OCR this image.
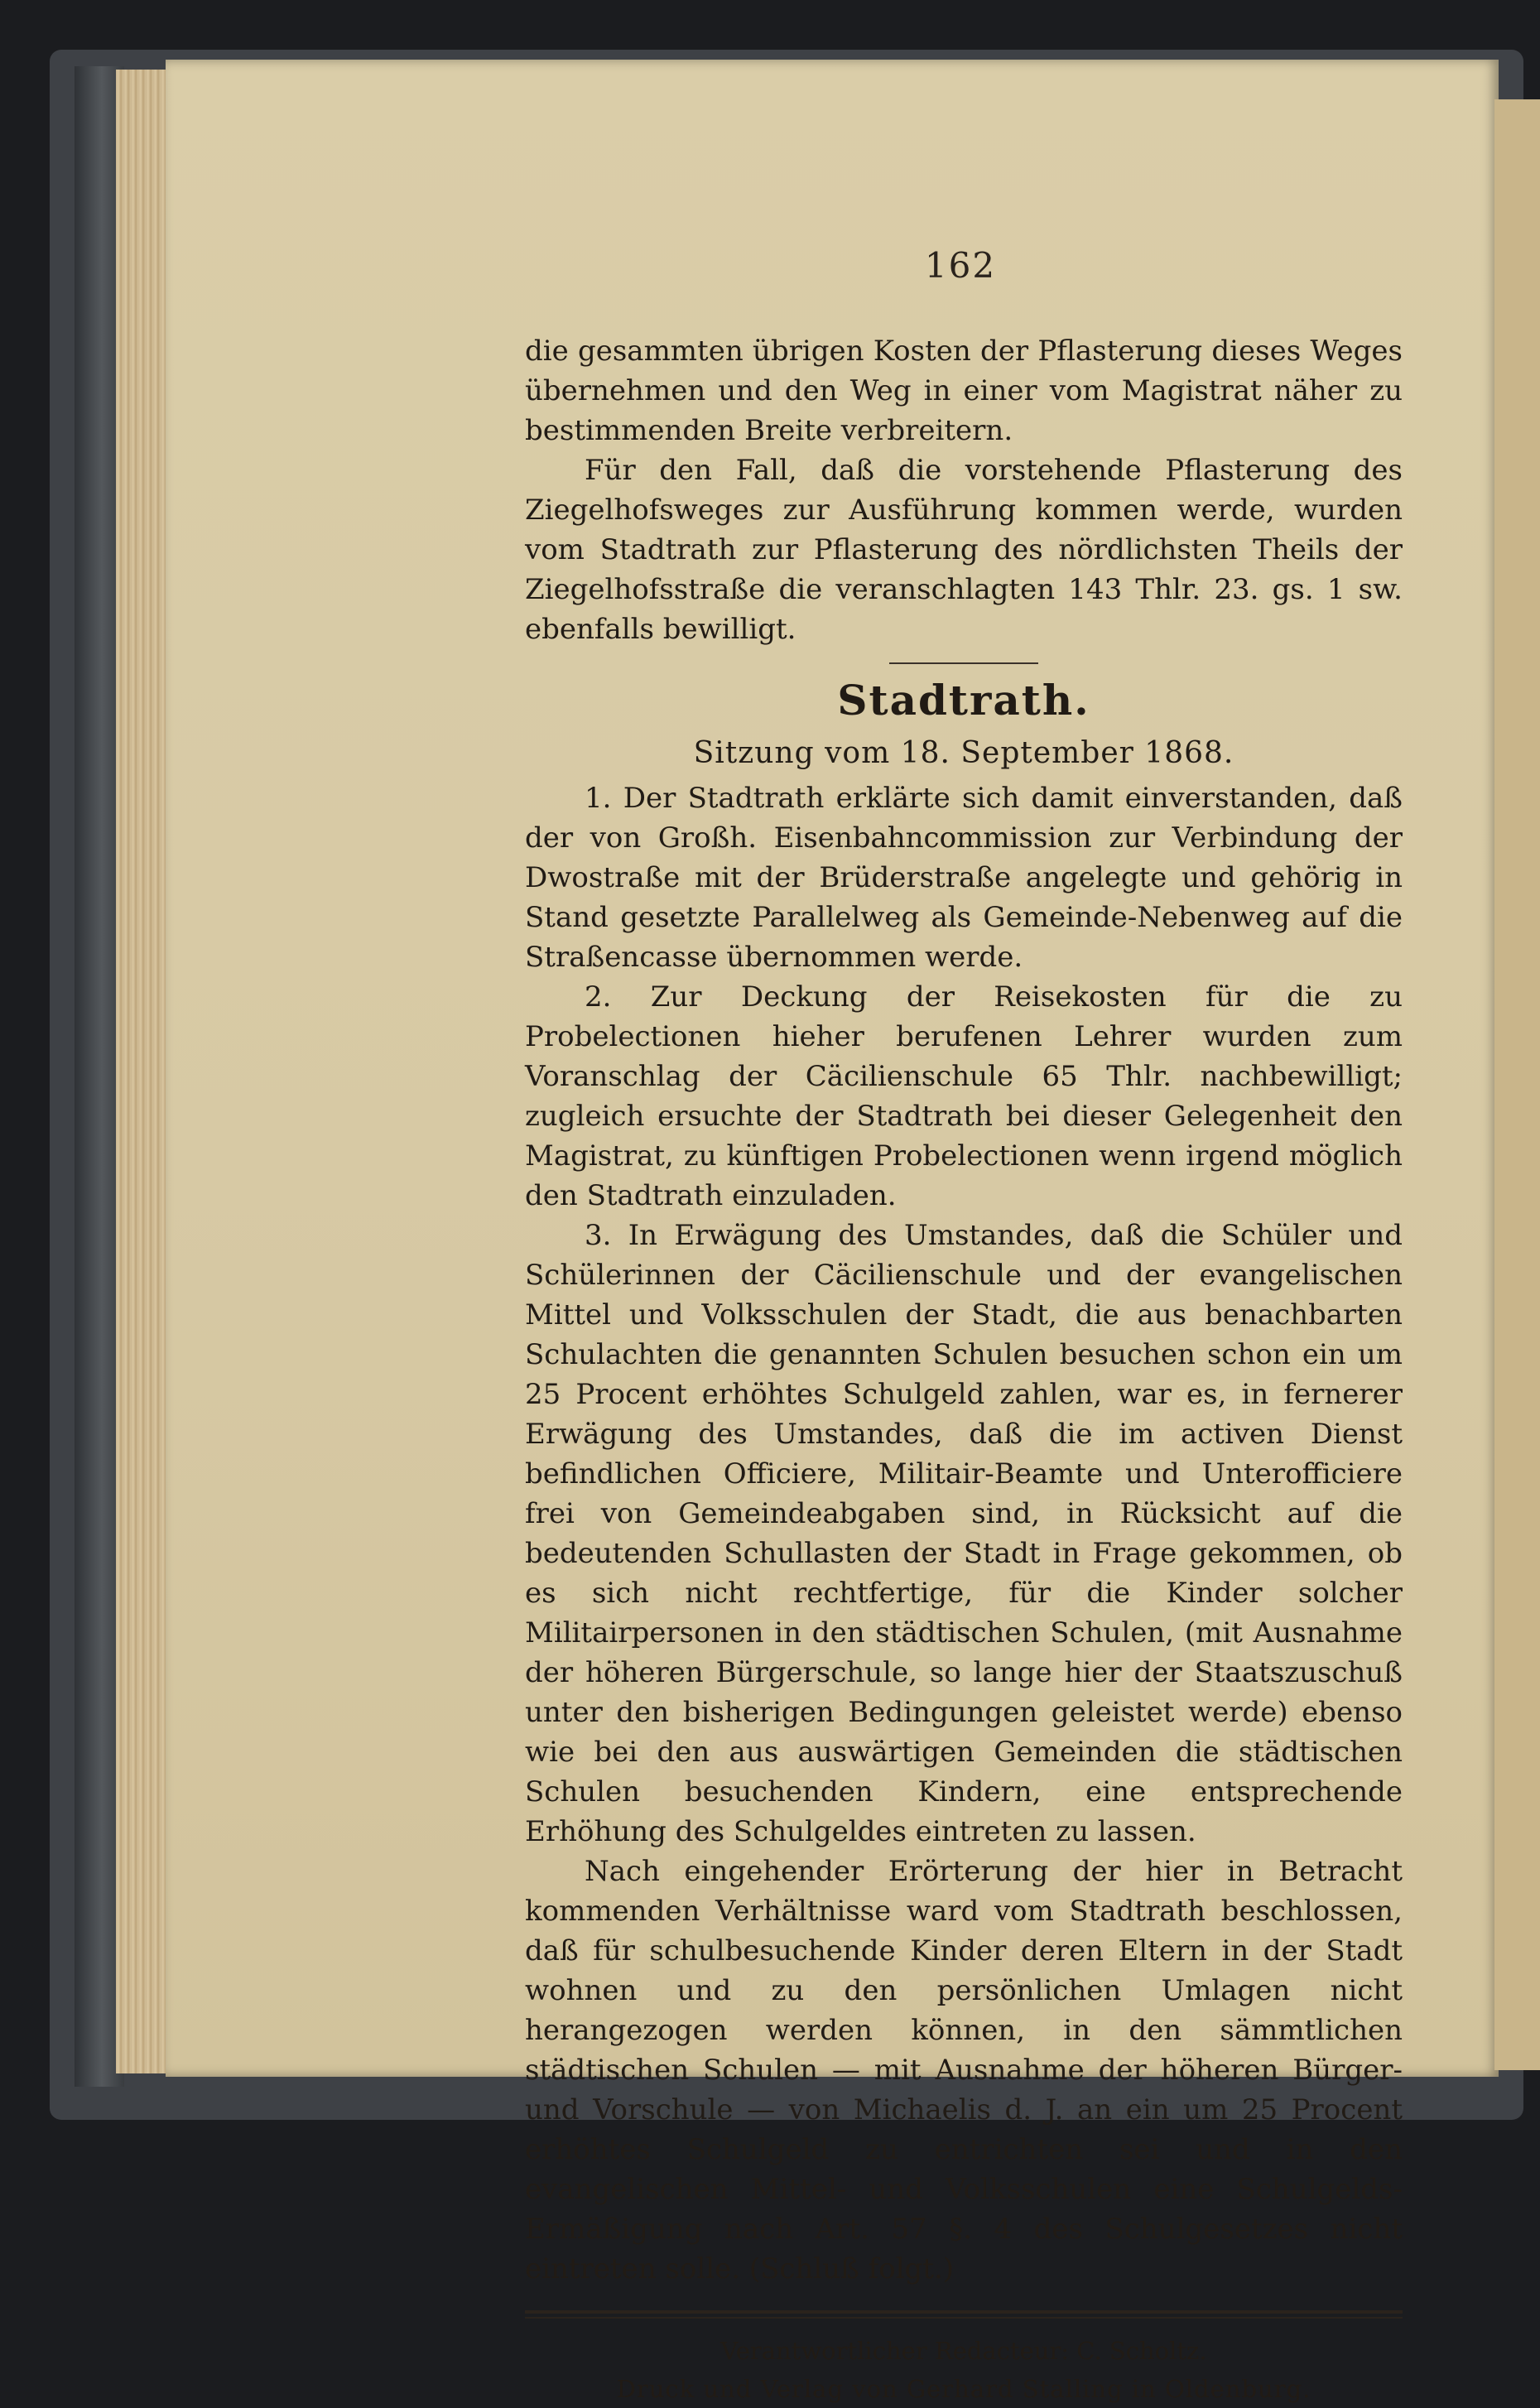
162

die gesammten übrigen Kosten der Pflasterung dieses Weges übernehmen und den Weg in einer vom Magistrat näher zu bestimmenden Breite verbreitern.

Für den Fall, daß die vorstehende Pflasterung des Ziegelhofsweges zur Ausführung kommen werde, wurden vom Stadtrath zur Pflasterung des nördlichsten Theils der Ziegelhofsstraße die veranschlagten 143 Thlr. 23. gs. 1 sw. ebenfalls bewilligt.

Stadtrath.

Sitzung vom 18. September 1868.

1. Der Stadtrath erklärte sich damit einverstanden, daß der von Großh. Eisenbahncommission zur Verbindung der Dwostraße mit der Brüderstraße angelegte und gehörig in Stand gesetzte Parallelweg als Gemeinde-Nebenweg auf die Straßencasse übernommen werde.

2. Zur Deckung der Reisekosten für die zu Probelectionen hieher berufenen Lehrer wurden zum Voranschlag der Cäcilienschule 65 Thlr. nachbewilligt; zugleich ersuchte der Stadtrath bei dieser Gelegenheit den Magistrat, zu künftigen Probelectionen wenn irgend möglich den Stadtrath einzuladen.

3. In Erwägung des Umstandes, daß die Schüler und Schülerinnen der Cäcilienschule und der evangelischen Mittel und Volksschulen der Stadt, die aus benachbarten Schulachten die genannten Schulen besuchen schon ein um 25 Procent erhöhtes Schulgeld zahlen, war es, in fernerer Erwägung des Umstandes, daß die im activen Dienst befindlichen Officiere, Militair-Beamte und Unterofficiere frei von Gemeindeabgaben sind, in Rücksicht auf die bedeutenden Schullasten der Stadt in Frage gekommen, ob es sich nicht rechtfertige, für die Kinder solcher Militairpersonen in den städtischen Schulen, (mit Ausnahme der höheren Bürgerschule, so lange hier der Staatszuschuß unter den bisherigen Bedingungen geleistet werde) ebenso wie bei den aus auswärtigen Gemeinden die städtischen Schulen besuchenden Kindern, eine entsprechende Erhöhung des Schulgeldes eintreten zu lassen.

Nach eingehender Erörterung der hier in Betracht kommenden Verhältnisse ward vom Stadtrath beschlossen, daß für schulbesuchende Kinder deren Eltern in der Stadt wohnen und zu den persönlichen Umlagen nicht herangezogen werden können, in den sämmtlichen städtischen Schulen — mit Ausnahme der höheren Bürger- und Vorschule — von Michaelis d. J. an ein um 25 Procent erhöhtes Schulgeld zu entrichten sei und in den evangelischen Mittel- und Volksschulen eine Schulgelds-Ermäßigung nach Art. 57 §. 4 des Schulgesetzes nicht eintreten solle. (Schluß folgt.)

Verantwortlicher Redacteur: C. Scholtz.

Druck und Verlag von Gerhard Stalling in Oldenburg.
